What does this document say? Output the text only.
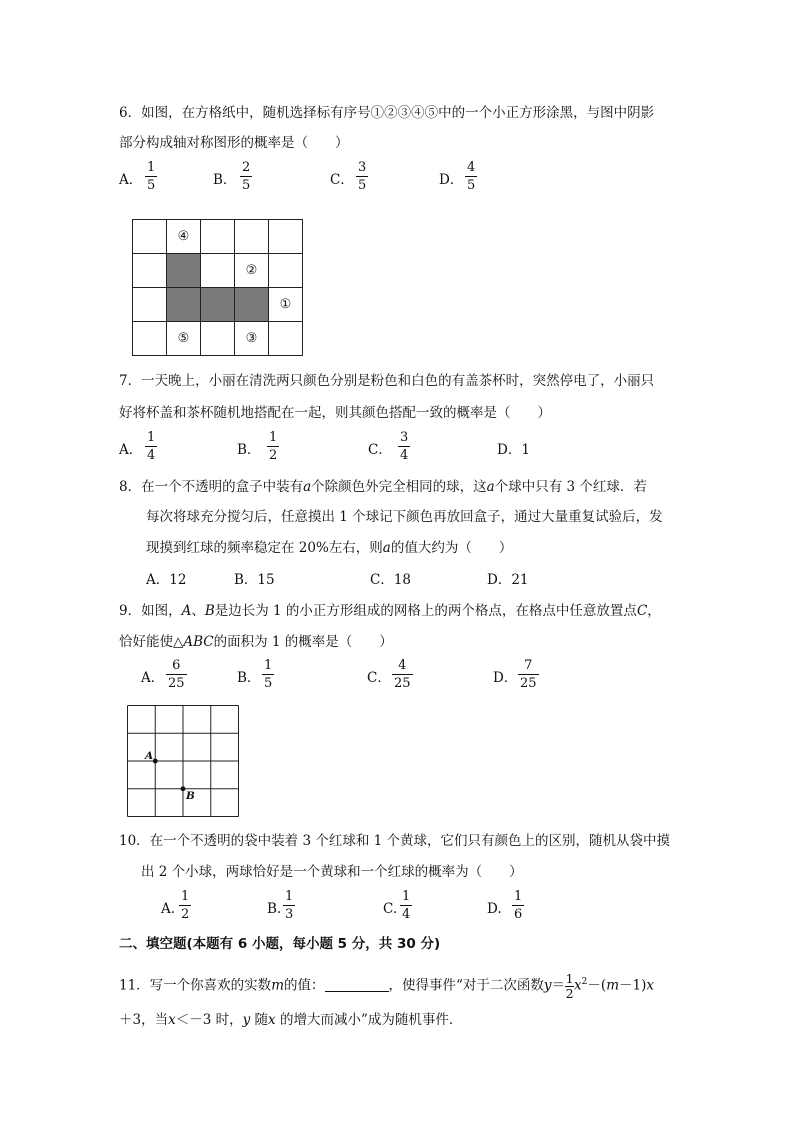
6．如图，在方格纸中，随机选择标有序号①②③④⑤中的一个小正方形涂黑，与图中阴影
部分构成轴对称图形的概率是（　　）
A．
1
5	B．
2
5	C．
3
5	D．
4
5
	④			
			②	
				①
	⑤		③	
7．一天晚上，小丽在清洗两只颜色分别是粉色和白色的有盖茶杯时，突然停电了，小丽只
好将杯盖和茶杯随机地搭配在一起，则其颜色搭配一致的概率是（　　）
A．
1
4	B．
1
2	C．
3
4	D．1
8．在一个不透明的盒子中装有a个除颜色外完全相同的球，这a个球中只有 3 个红球．若
每次将球充分搅匀后，任意摸出 1 个球记下颜色再放回盒子，通过大量重复试验后，发
现摸到红球的频率稳定在 20%左右，则a的值大约为（　　）
A．12	B．15	C．18	D．21
9．如图，A、B是边长为 1 的小正方形组成的网格上的两个格点，在格点中任意放置点C，
恰好能使△ABC的面积为 1 的概率是（　　）
A．
6
25	B．
1
5	C．
4
25	D．
7
25
A
B
10．在一个不透明的袋中装着 3 个红球和 1 个黄球，它们只有颜色上的区别，随机从袋中摸
出 2 个小球，两球恰好是一个黄球和一个红球的概率为（　　）
A.
1
2	B.
1
3	C.
1
4	D.
1
6
二、填空题(本题有 6 小题，每小题 5 分，共 30 分)
11．写一个你喜欢的实数m的值：	，使得事件“对于二次函数$y= \frac{1}{2} x^2-(m-1)x$
＋3，当x＜－3 时，y 随x 的增大而减小”成为随机事件．
